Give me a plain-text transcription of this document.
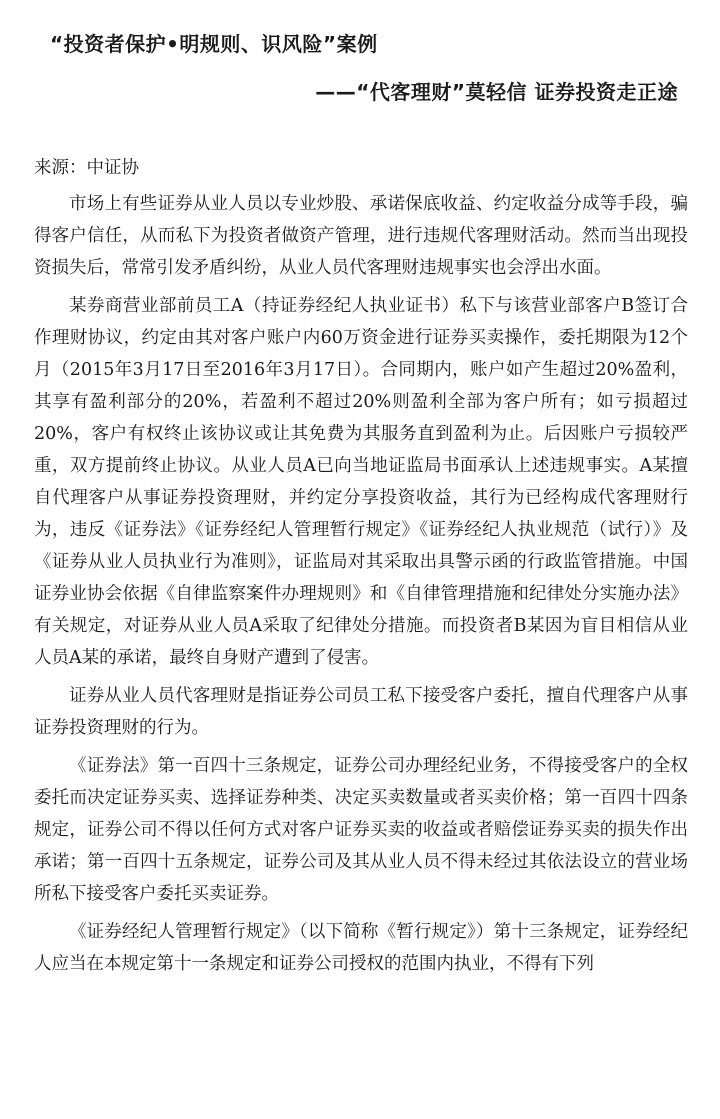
“投资者保护•明规则、识风险”案例
——“代客理财”莫轻信 证券投资走正途

来源：中证协

市场上有些证券从业人员以专业炒股、承诺保底收益、约定收益分成等手段，骗得客户信任，从而私下为投资者做资产管理，进行违规代客理财活动。然而当出现投资损失后，常常引发矛盾纠纷，从业人员代客理财违规事实也会浮出水面。

某券商营业部前员工A（持证券经纪人执业证书）私下与该营业部客户B签订合作理财协议，约定由其对客户账户内60万资金进行证券买卖操作，委托期限为12个月（2015年3月17日至2016年3月17日）。合同期内，账户如产生超过20%盈利，其享有盈利部分的20%，若盈利不超过20%则盈利全部为客户所有；如亏损超过20%，客户有权终止该协议或让其免费为其服务直到盈利为止。后因账户亏损较严重，双方提前终止协议。从业人员A已向当地证监局书面承认上述违规事实。A某擅自代理客户从事证券投资理财，并约定分享投资收益，其行为已经构成代客理财行为，违反《证券法》《证券经纪人管理暂行规定》《证券经纪人执业规范（试行）》及《证券从业人员执业行为准则》，证监局对其采取出具警示函的行政监管措施。中国证券业协会依据《自律监察案件办理规则》和《自律管理措施和纪律处分实施办法》有关规定，对证券从业人员A采取了纪律处分措施。而投资者B某因为盲目相信从业人员A某的承诺，最终自身财产遭到了侵害。

证券从业人员代客理财是指证券公司员工私下接受客户委托，擅自代理客户从事证券投资理财的行为。

《证券法》第一百四十三条规定，证券公司办理经纪业务，不得接受客户的全权委托而决定证券买卖、选择证券种类、决定买卖数量或者买卖价格；第一百四十四条规定，证券公司不得以任何方式对客户证券买卖的收益或者赔偿证券买卖的损失作出承诺；第一百四十五条规定，证券公司及其从业人员不得未经过其依法设立的营业场所私下接受客户委托买卖证券。

《证券经纪人管理暂行规定》（以下简称《暂行规定》）第十三条规定，证券经纪人应当在本规定第十一条规定和证券公司授权的范围内执业，不得有下列
